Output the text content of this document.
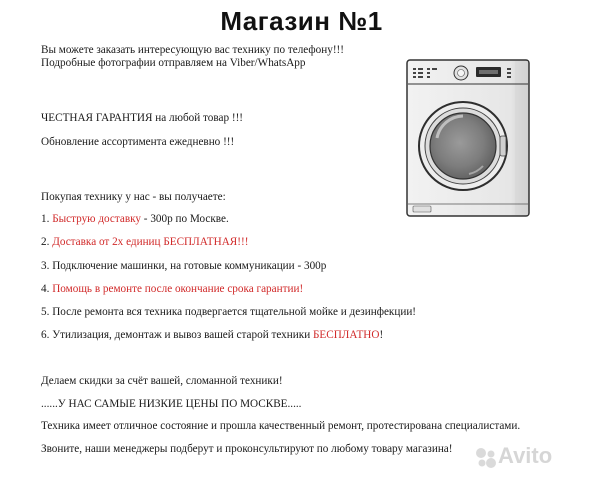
Магазин №1
Вы можете заказать интересующую вас технику по телефону!!!
Подробные фотографии отправляем на Viber/WhatsApp
ЧЕСТНАЯ ГАРАНТИЯ на любой товар !!!
Обновление ассортимента ежедневно !!!
Покупая технику у нас - вы получаете:
1. Быструю доставку - 300р по Москве.
2. Доставка от 2х единиц БЕСПЛАТНАЯ!!!
3. Подключение машинки, на готовые коммуникации - 300р
4. Помощь в ремонте после окончание срока гарантии!
5. После ремонта вся техника подвергается тщательной мойке и дезинфекции!
6. Утилизация, демонтаж и вывоз вашей старой техники БЕСПЛАТНО!
Делаем скидки за счёт вашей, сломанной техники!
......У НАС САМЫЕ НИЗКИЕ ЦЕНЫ ПО МОСКВЕ.....
Техника имеет отличное состояние и прошла качественный ремонт, протестирована специалистами.
Звоните, наши менеджеры подберут и проконсультируют по любому товару магазина! Avito
